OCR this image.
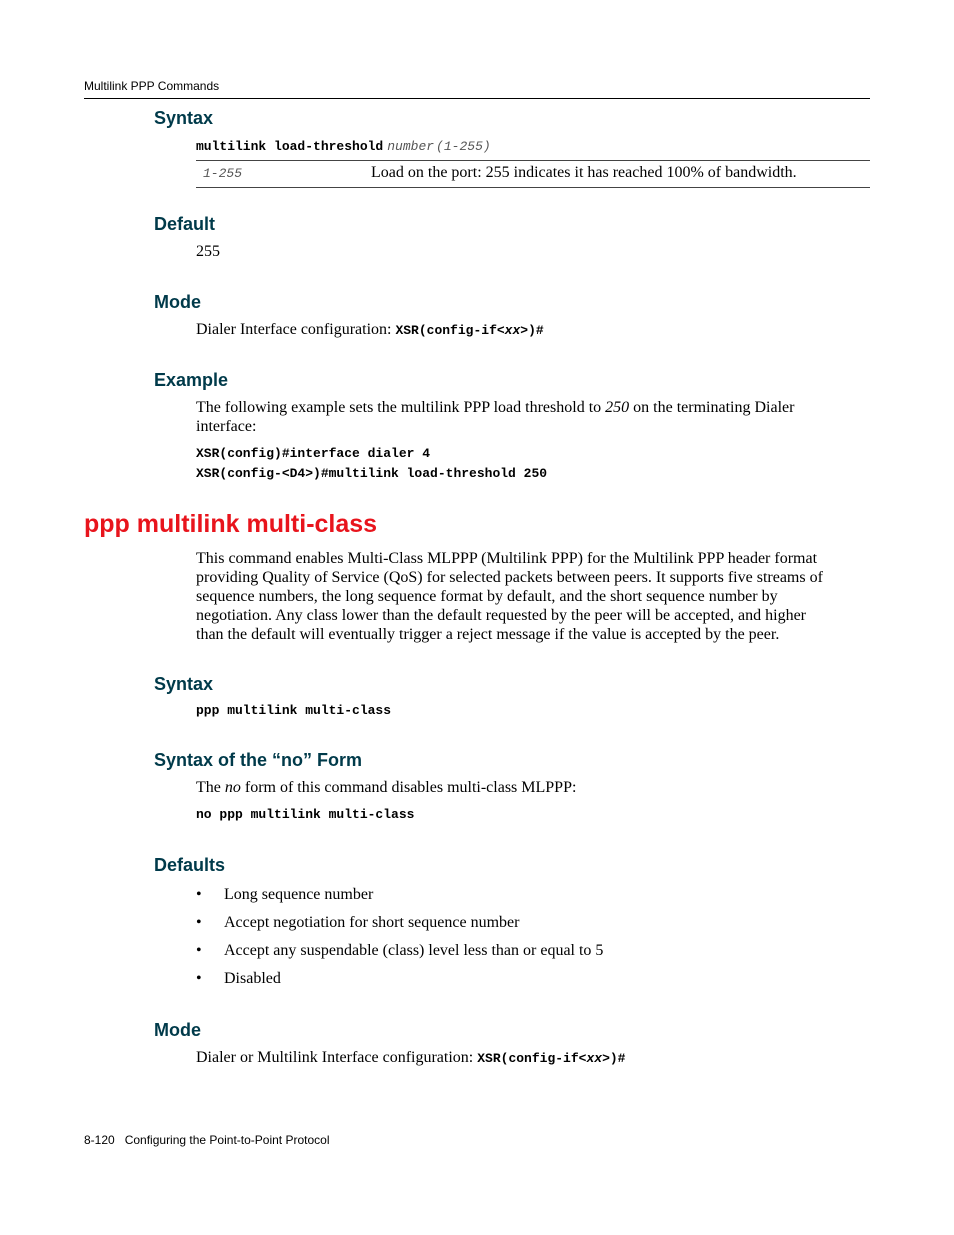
Multilink PPP Commands
Syntax
multilink load-threshold number (1-255)
1-255	Load on the port: 255 indicates it has reached 100% of bandwidth.
Default
255
Mode
Dialer Interface configuration: XSR(config-if<xx>)#
Example
The following example sets the multilink PPP load threshold to 250 on the terminating Dialer
interface:
XSR(config)#interface dialer 4
XSR(config-<D4>)#multilink load-threshold 250
ppp multilink multi-class
This command enables Multi-Class MLPPP (Multilink PPP) for the Multilink PPP header format
providing Quality of Service (QoS) for selected packets between peers. It supports five streams of
sequence numbers, the long sequence format by default, and the short sequence number by
negotiation. Any class lower than the default requested by the peer will be accepted, and higher
than the default will eventually trigger a reject message if the value is accepted by the peer.
Syntax
ppp multilink multi-class
Syntax of the “no” Form
The no form of this command disables multi-class MLPPP:
no ppp multilink multi-class
Defaults
• Long sequence number
• Accept negotiation for short sequence number
• Accept any suspendable (class) level less than or equal to 5
• Disabled
Mode
Dialer or Multilink Interface configuration: XSR(config-if<xx>)#
8-120 Configuring the Point-to-Point Protocol
